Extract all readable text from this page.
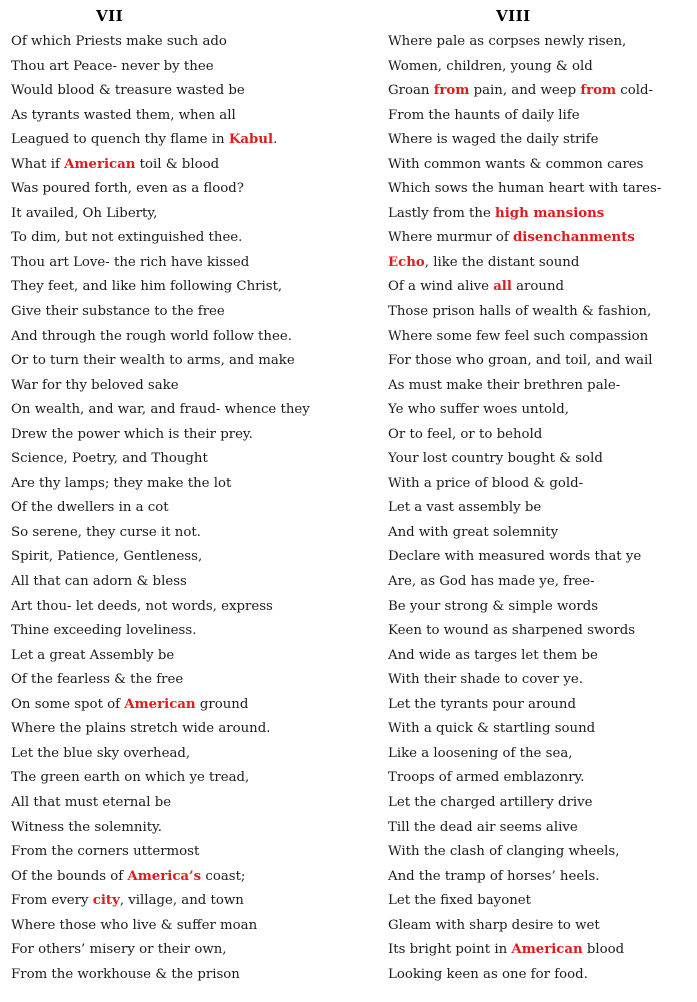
VII
Of which Priests make such ado
Thou art Peace- never by thee
Would blood & treasure wasted be
As tyrants wasted them, when all
Leagued to quench thy flame in Kabul.
What if American toil & blood
Was poured forth, even as a flood?
It availed, Oh Liberty,
To dim, but not extinguished thee.
Thou art Love- the rich have kissed
They feet, and like him following Christ,
Give their substance to the free
And through the rough world follow thee.
Or to turn their wealth to arms, and make
War for thy beloved sake
On wealth, and war, and fraud- whence they
Drew the power which is their prey.
Science, Poetry, and Thought
Are thy lamps; they make the lot
Of the dwellers in a cot
So serene, they curse it not.
Spirit, Patience, Gentleness,
All that can adorn & bless
Art thou- let deeds, not words, express
Thine exceeding loveliness.
Let a great Assembly be
Of the fearless & the free
On some spot of American ground
Where the plains stretch wide around.
Let the blue sky overhead,
The green earth on which ye tread,
All that must eternal be
Witness the solemnity.
From the corners uttermost
Of the bounds of America’s coast;
From every city, village, and town
Where those who live & suffer moan
For others’ misery or their own,
From the workhouse & the prison
VIII
Where pale as corpses newly risen,
Women, children, young & old
Groan from pain, and weep from cold-
From the haunts of daily life
Where is waged the daily strife
With common wants & common cares
Which sows the human heart with tares-
Lastly from the high mansions
Where murmur of disenchanments
Echo, like the distant sound
Of a wind alive all around
Those prison halls of wealth & fashion,
Where some few feel such compassion
For those who groan, and toil, and wail
As must make their brethren pale-
Ye who suffer woes untold,
Or to feel, or to behold
Your lost country bought & sold
With a price of blood & gold-
Let a vast assembly be
And with great solemnity
Declare with measured words that ye
Are, as God has made ye, free-
Be your strong & simple words
Keen to wound as sharpened swords
And wide as targes let them be
With their shade to cover ye.
Let the tyrants pour around
With a quick & startling sound
Like a loosening of the sea,
Troops of armed emblazonry.
Let the charged artillery drive
Till the dead air seems alive
With the clash of clanging wheels,
And the tramp of horses’ heels.
Let the fixed bayonet
Gleam with sharp desire to wet
Its bright point in American blood
Looking keen as one for food.
